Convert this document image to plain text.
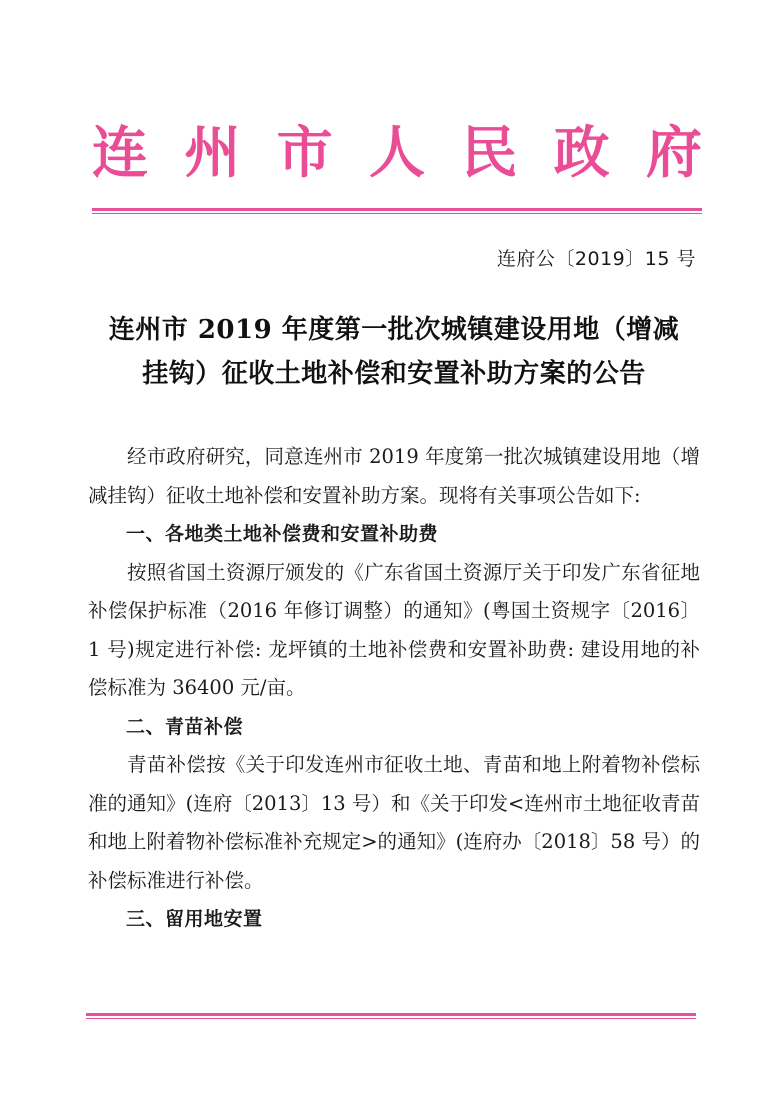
连 州 市 人 民 政 府
连府公〔2019〕15 号
连州市 2019 年度第一批次城镇建设用地（增减
挂钩）征收土地补偿和安置补助方案的公告

经市政府研究，同意连州市 2019 年度第一批次城镇建设用地（增减挂钩）征收土地补偿和安置补助方案。现将有关事项公告如下:

一、各地类土地补偿费和安置补助费

按照省国土资源厅颁发的《广东省国土资源厅关于印发广东省征地补偿保护标准（2016 年修订调整）的通知》(粤国土资规字〔2016〕1 号)规定进行补偿: 龙坪镇的土地补偿费和安置补助费: 建设用地的补偿标准为 36400 元/亩。

二、青苗补偿

青苗补偿按《关于印发连州市征收土地、青苗和地上附着物补偿标准的通知》(连府〔2013〕13 号）和《关于印发<连州市土地征收青苗和地上附着物补偿标准补充规定>的通知》(连府办〔2018〕58 号）的补偿标准进行补偿。

三、留用地安置
